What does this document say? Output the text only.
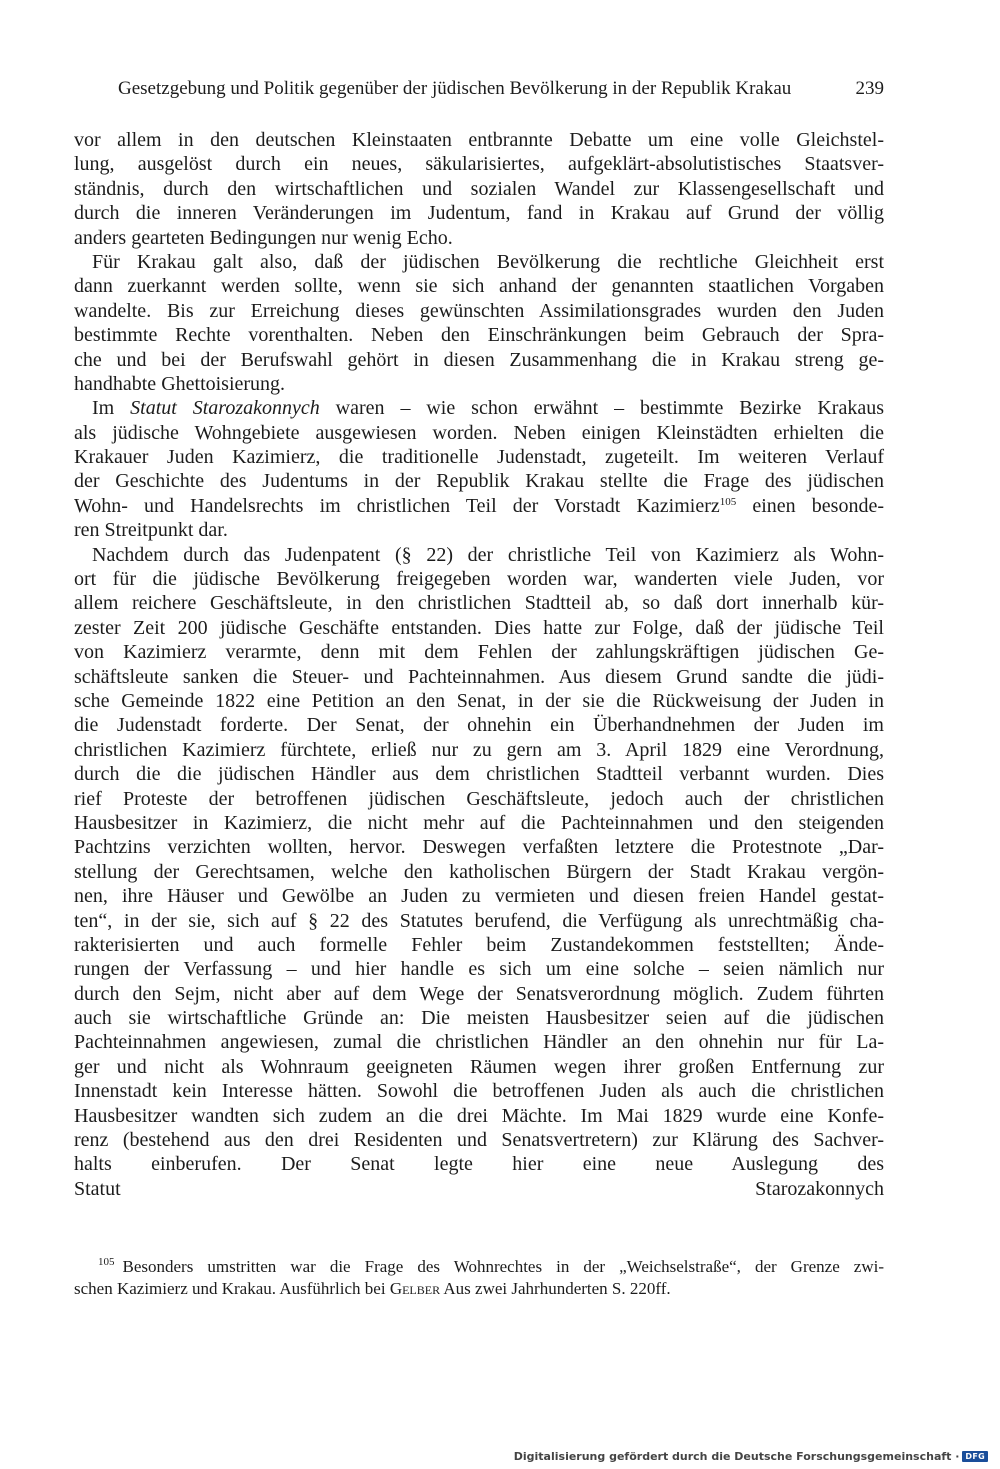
Gesetzgebung und Politik gegenüber der jüdischen Bevölkerung in der Republik Krakau	239
vor allem in den deutschen Kleinstaaten entbrannte Debatte um eine volle Gleichstel-
lung, ausgelöst durch ein neues, säkularisiertes, aufgeklärt-absolutistisches Staatsver-
ständnis, durch den wirtschaftlichen und sozialen Wandel zur Klassengesellschaft und
durch die inneren Veränderungen im Judentum, fand in Krakau auf Grund der völlig
anders gearteten Bedingungen nur wenig Echo.
Für Krakau galt also, daß der jüdischen Bevölkerung die rechtliche Gleichheit erst
dann zuerkannt werden sollte, wenn sie sich anhand der genannten staatlichen Vorgaben
wandelte. Bis zur Erreichung dieses gewünschten Assimilationsgrades wurden den Juden
bestimmte Rechte vorenthalten. Neben den Einschränkungen beim Gebrauch der Spra-
che und bei der Berufswahl gehört in diesen Zusammenhang die in Krakau streng ge-
handhabte Ghettoisierung.
Im Statut Starozakonnych waren – wie schon erwähnt – bestimmte Bezirke Krakaus
als jüdische Wohngebiete ausgewiesen worden. Neben einigen Kleinstädten erhielten die
Krakauer Juden Kazimierz, die traditionelle Judenstadt, zugeteilt. Im weiteren Verlauf
der Geschichte des Judentums in der Republik Krakau stellte die Frage des jüdischen
Wohn- und Handelsrechts im christlichen Teil der Vorstadt Kazimierz$^{105}$ einen besonde-
ren Streitpunkt dar.
Nachdem durch das Judenpatent (§ 22) der christliche Teil von Kazimierz als Wohn-
ort für die jüdische Bevölkerung freigegeben worden war, wanderten viele Juden, vor
allem reichere Geschäftsleute, in den christlichen Stadtteil ab, so daß dort innerhalb kür-
zester Zeit 200 jüdische Geschäfte entstanden. Dies hatte zur Folge, daß der jüdische Teil
von Kazimierz verarmte, denn mit dem Fehlen der zahlungskräftigen jüdischen Ge-
schäftsleute sanken die Steuer- und Pachteinnahmen. Aus diesem Grund sandte die jüdi-
sche Gemeinde 1822 eine Petition an den Senat, in der sie die Rückweisung der Juden in
die Judenstadt forderte. Der Senat, der ohnehin ein Überhandnehmen der Juden im
christlichen Kazimierz fürchtete, erließ nur zu gern am 3. April 1829 eine Verordnung,
durch die die jüdischen Händler aus dem christlichen Stadtteil verbannt wurden. Dies
rief Proteste der betroffenen jüdischen Geschäftsleute, jedoch auch der christlichen
Hausbesitzer in Kazimierz, die nicht mehr auf die Pachteinnahmen und den steigenden
Pachtzins verzichten wollten, hervor. Deswegen verfaßten letztere die Protestnote „Dar-
stellung der Gerechtsamen, welche den katholischen Bürgern der Stadt Krakau vergön-
nen, ihre Häuser und Gewölbe an Juden zu vermieten und diesen freien Handel gestat-
ten“, in der sie, sich auf § 22 des Statutes berufend, die Verfügung als unrechtmäßig cha-
rakterisierten und auch formelle Fehler beim Zustandekommen feststellten; Ände-
rungen der Verfassung – und hier handle es sich um eine solche – seien nämlich nur
durch den Sejm, nicht aber auf dem Wege der Senatsverordnung möglich. Zudem führten
auch sie wirtschaftliche Gründe an: Die meisten Hausbesitzer seien auf die jüdischen
Pachteinnahmen angewiesen, zumal die christlichen Händler an den ohnehin nur für La-
ger und nicht als Wohnraum geeigneten Räumen wegen ihrer großen Entfernung zur
Innenstadt kein Interesse hätten. Sowohl die betroffenen Juden als auch die christlichen
Hausbesitzer wandten sich zudem an die drei Mächte. Im Mai 1829 wurde eine Konfe-
renz (bestehend aus den drei Residenten und Senatsvertretern) zur Klärung des Sachver-
halts einberufen. Der Senat legte hier eine neue Auslegung des
Statut Starozakonnych
$^{105}$ Besonders umstritten war die Frage des Wohnrechtes in der „Weichselstraße“, der Grenze zwi-
schen Kazimierz und Krakau. Ausführlich bei Gelber Aus zwei Jahrhunderten S. 220ff.
Digitalisierung gefördert durch die Deutsche Forschungsgemeinschaft · DFG
